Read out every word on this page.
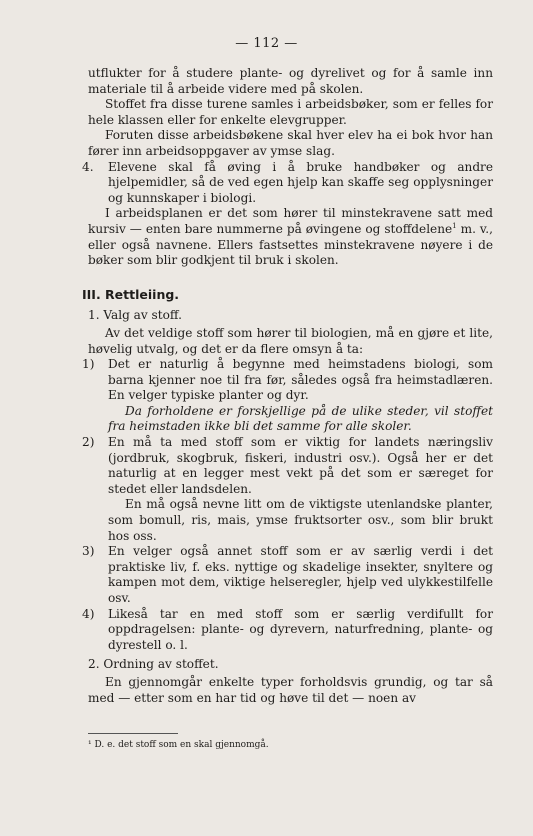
— 112 —

utflukter for å studere plante- og dyrelivet og for å samle inn materiale til å arbeide videre med på skolen.

Stoffet fra disse turene samles i arbeidsbøker, som er felles for hele klassen eller for enkelte elevgrupper.

Foruten disse arbeidsbøkene skal hver elev ha ei bok hvor han fører inn arbeidsoppgaver av ymse slag.

4. Elevene skal få øving i å bruke handbøker og andre hjelpemidler, så de ved egen hjelp kan skaffe seg opplysninger og kunnskaper i biologi.

I arbeidsplanen er det som hører til minstekravene satt med kursiv — enten bare nummerne på øvingene og stoffdelene$^1$ m. v., eller også navnene. Ellers fastsettes minstekravene nøyere i de bøker som blir godkjent til bruk i skolen.

III. Rettleiing.

1. Valg av stoff.

Av det veldige stoff som hører til biologien, må en gjøre et lite, høvelig utvalg, og det er da flere omsyn å ta:

1) Det er naturlig å begynne med heimstadens biologi, som barna kjenner noe til fra før, således også fra heimstadlæren. En velger typiske planter og dyr.
Da forholdene er forskjellige på de ulike steder, vil stoffet fra heimstaden ikke bli det samme for alle skoler.
2) En må ta med stoff som er viktig for landets næringsliv (jordbruk, skogbruk, fiskeri, industri osv.). Også her er det naturlig at en legger mest vekt på det som er særeget for stedet eller landsdelen.
En må også nevne litt om de viktigste utenlandske planter, som bomull, ris, mais, ymse fruktsorter osv., som blir brukt hos oss.
3) En velger også annet stoff som er av særlig verdi i det praktiske liv, f. eks. nyttige og skadelige insekter, snyltere og kampen mot dem, viktige helseregler, hjelp ved ulykkestilfelle osv.
4) Likeså tar en med stoff som er særlig verdifullt for oppdragelsen: plante- og dyrevern, naturfredning, plante- og dyrestell o. l.

2. Ordning av stoffet.

En gjennomgår enkelte typer forholdsvis grundig, og tar så med — etter som en har tid og høve til det — noen av

¹ D. e. det stoff som en skal gjennomgå.
